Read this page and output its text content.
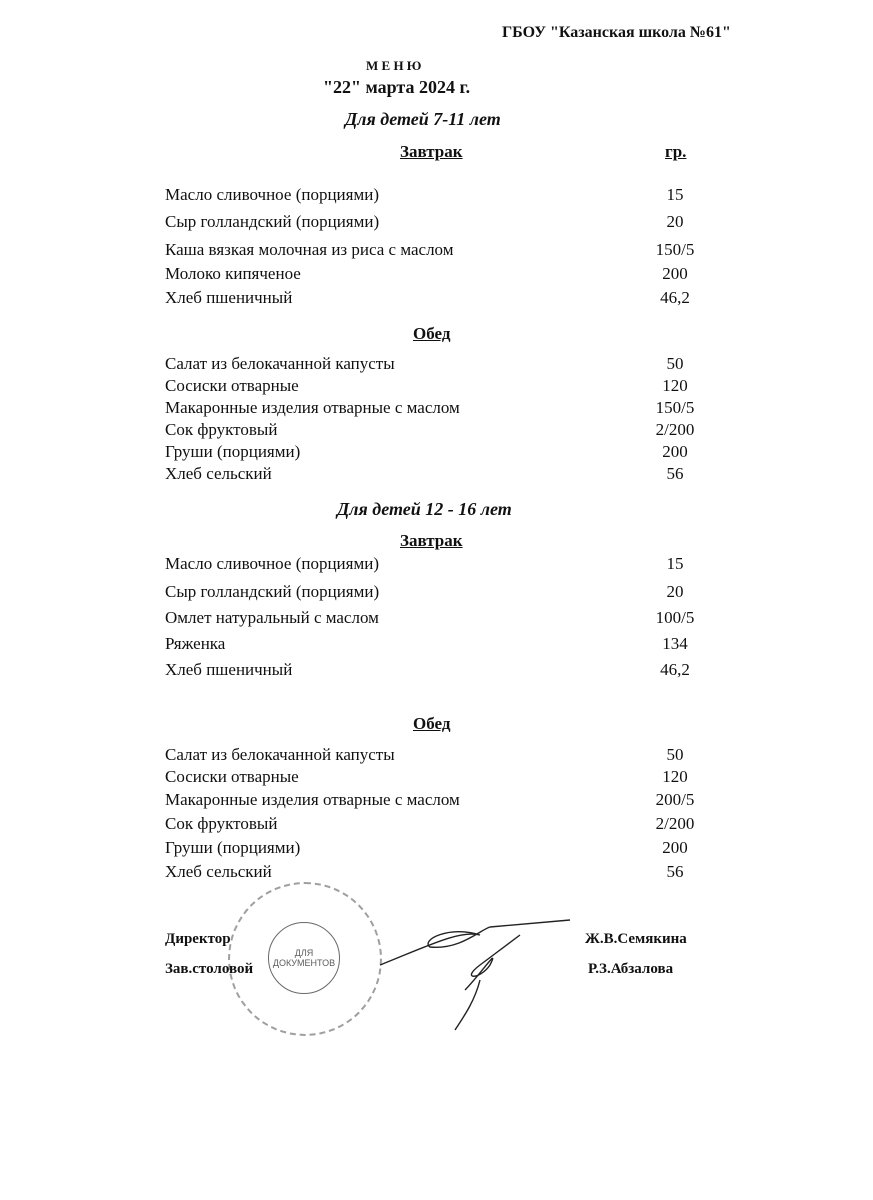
ГБОУ "Казанская школа №61"
М Е Н Ю
"22" марта 2024 г.
Для детей 7-11 лет
Завтрак	гр.
Обед
Для детей 12 - 16 лет
Завтрак
Обед
Масло сливочное (порциями)	15
Сыр голландский (порциями)	20
Каша вязкая молочная из риса с маслом	150/5
Молоко кипяченое	200
Хлеб пшеничный	46,2
Салат из белокачанной капусты	50
Сосиски отварные	120
Макаронные изделия отварные с маслом	150/5
Сок фруктовый	2/200
Груши (порциями)	200
Хлеб сельский	56
Масло сливочное (порциями)	15
Сыр голландский (порциями)	20
Омлет натуральный с маслом	100/5
Ряженка	134
Хлеб пшеничный	46,2
Салат из белокачанной капусты	50
Сосиски отварные	120
Макаронные изделия отварные с маслом	200/5
Сок фруктовый	2/200
Груши (порциями)	200
Хлеб сельский	56
ДЛЯ
ДОКУМЕНТОВ
Директор	Ж.В.Семякина
Зав.столовой	Р.З.Абзалова
